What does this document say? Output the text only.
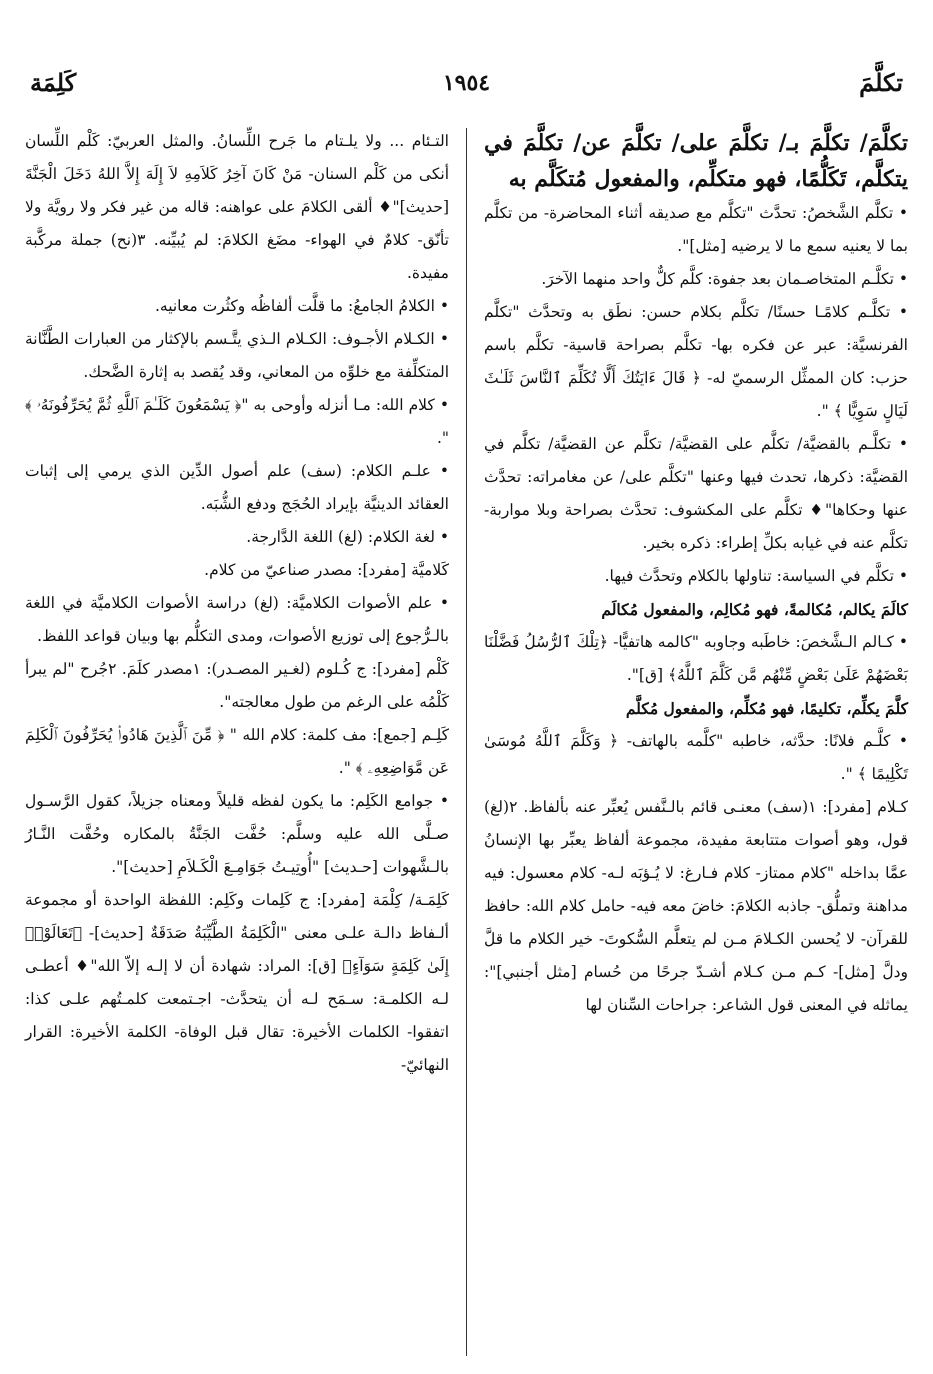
تكلَّمَ
١٩٥٤
كَلِمَة

تكلَّمَ/ تكلَّمَ بـ/ تكلَّمَ على/ تكلَّمَ عن/ تكلَّمَ في يتكلَّم، تَكَلُّمًا، فهو متكلِّم، والمفعول مُتكَلَّم به

• تكلَّم الشَّخصُ: تحدَّث "تكلَّم مع صديقه أثناء المحاضرة- من تكلَّم بما لا يعنيه سمع ما لا يرضيه [مثل]".

• تكلَّـم المتخاصـمان بعد جفوة: كلَّم كلٌّ واحد منهما الآخرَ.

• تكلَّـم كلامًـا حسنًا/ تكلَّم بكلام حسن: نطَق به وتحدَّث "تكلَّم الفرنسيَّة: عبر عن فكره بها- تكلَّم بصراحة قاسية- تكلَّم باسم حزب: كان الممثِّل الرسميّ له- ﴿ قَالَ ءَايَتُكَ أَلَّا تُكَلِّمَ ٱلنَّاسَ ثَلَـٰثَ لَيَالٍ سَوِيًّا ﴾ ".

• تكلَّـم بالقضيَّة/ تكلَّم على القضيَّة/ تكلَّم عن القضيَّة/ تكلَّم في القضيَّة: ذكرها، تحدث فيها وعنها "تكلَّم على/ عن مغامراته: تحدَّث عنها وحكاها"♦ تكلَّم على المكشوف: تحدَّث بصراحة وبلا مواربة- تكلَّم عنه في غيابه بكلِّ إطراء: ذكره بخير.

• تكلَّم في السياسة: تناولها بالكلام وتحدَّث فيها.

كالَمَ يكالم، مُكالمةً، فهو مُكالِم، والمفعول مُكالَم

• كـالم الـشَّخصَ: خاطَبه وجاوبه "كالمه هاتفيًّا- ﴿تِلْكَ ٱلرُّسُلُ فَضَّلْنَا بَعْضَهُمْ عَلَىٰ بَعْضٍ مِّنْهُم مَّن كَلَّمَ ٱللَّهُ﴾ [ق]".

كلَّمَ يكلِّم، تكليمًا، فهو مُكلِّم، والمفعول مُكلَّم

• كلَّـم فلانًا: حدَّثه، خاطبه "كلَّمه بالهاتف- ﴿ وَكَلَّمَ ٱللَّهُ مُوسَىٰ تَكْلِيمًا ﴾ ".

كـلام [مفرد]: ١(سف) معنـى قائم بالـنَّفس يُعبِّر عنه بألفاظ. ٢(لغ) قول، وهو أصوات متتابعة مفيدة، مجموعة ألفاظ يعبِّر بها الإنسانُ عمَّا بداخله "كلام ممتاز- كلام فـارغ: لا يُـؤبَه لـه- كلام معسول: فيه مداهنة وتملُّق- جاذبه الكلامَ: خاضَ معه فيه- حامل كلام الله: حافظ للقرآن- لا يُحسن الكـلامَ مـن لم يتعلَّم السُّكوتَ- خير الكلام ما قلَّ ودلَّ [مثل]- كـم مـن كـلام أشـدّ جرحًا من حُسام [مثل أجنبي]": يماثله في المعنى قول الشاعر: جراحات السِّنان لها

التـئام ... ولا يلـتام ما جَرح اللِّسانُ. والمثل العربيّ: كَلْم اللِّسان أنكى من كَلْم السنان- مَنْ كَانَ آخِرُ كَلاَمِهِ لاَ إِلَهَ إِلاَّ اللهُ دَخَلَ الْجَنَّةَ [حديث]"♦ ألقى الكلامَ على عواهنه: قاله من غير فكر ولا رويَّة ولا تأنّق- كلامٌ في الهواء- مضَغ الكلامَ: لم يُبيِّنه. ٣(نح) جملة مركَّبة مفيدة.

• الكلامُ الجامعُ: ما قلَّت ألفاظُه وكثُرت معانيه.

• الكـلام الأجـوف: الكـلام الـذي يتَّـسم بالإكثار من العبارات الطَّنَّانة المتكلِّفة مع خلوِّه من المعاني، وقد يُقصد به إثارة الضَّحك.

• كلام الله: مـا أنزله وأوحى به "﴿ يَسْمَعُونَ كَلَـٰمَ ٱللَّهِ ثُمَّ يُحَرِّفُونَهُۥ ﴾ ".

• علـم الكلام: (سف) علم أصول الدِّين الذي يرمي إلى إثبات العقائد الدينيَّة بإيراد الحُجَج ودفع الشُّبَه.

• لغة الكلام: (لغ) اللغة الدَّارجة.

كَلاميَّة [مفرد]: مصدر صناعيّ من كلام.

• علم الأصوات الكلاميَّة: (لغ) دراسة الأصوات الكلاميَّة في اللغة بالـرُّجوع إلى توزيع الأصوات، ومدى التكلُّم بها وبيان قواعد اللفظ.

كَلْم [مفرد]: ج كُـلوم (لغـير المصـدر): ١مصدر كلَمَ. ٢جُرح "لم يبرأ كَلْمُه على الرغم من طول معالجته".

كَلِـم [جمع]: مف كلمة: كلام الله " ﴿ مِّنَ ٱلَّذِينَ هَادُوا۟ يُحَرِّفُونَ ٱلْكَلِمَ عَن مَّوَاضِعِهِۦ ﴾ ".

• جوامع الكَلِم: ما يكون لفظه قليلاً ومعناه جزيلاً، كقول الرَّسـول صـلَّى الله عليه وسلَّم: حُفَّت الجَنَّةُ بالمكاره وحُفَّت النَّـارُ بالـشَّهوات [حـديث] "أُوتِيـتُ جَوَامِـعَ الْكَـلاَمِ [حديث]".

كَلِمَـة/ كِلْمَة [مفرد]: ج كَلِمات وكَلِم: اللفظة الواحدة أو مجموعة ألـفاظ دالـة علـى معنى "الْكَلِمَةُ الطَّيِّبَةُ صَدَقَةٌ [حديث]- ﴿تَعَالَوْا۟ إِلَىٰ كَلِمَةٍ سَوَآءٍ﴾ [ق]: المراد: شهادة أن لا إلـه إلاّ الله"♦ أعطـى لـه الكلمـة: سـمَح لـه أن يتحدَّث- اجـتمعت كلمـتُهم علـى كذا: اتفقوا- الكلمات الأخيرة: تقال قبل الوفاة- الكلمة الأخيرة: القرار النهائيّ-
